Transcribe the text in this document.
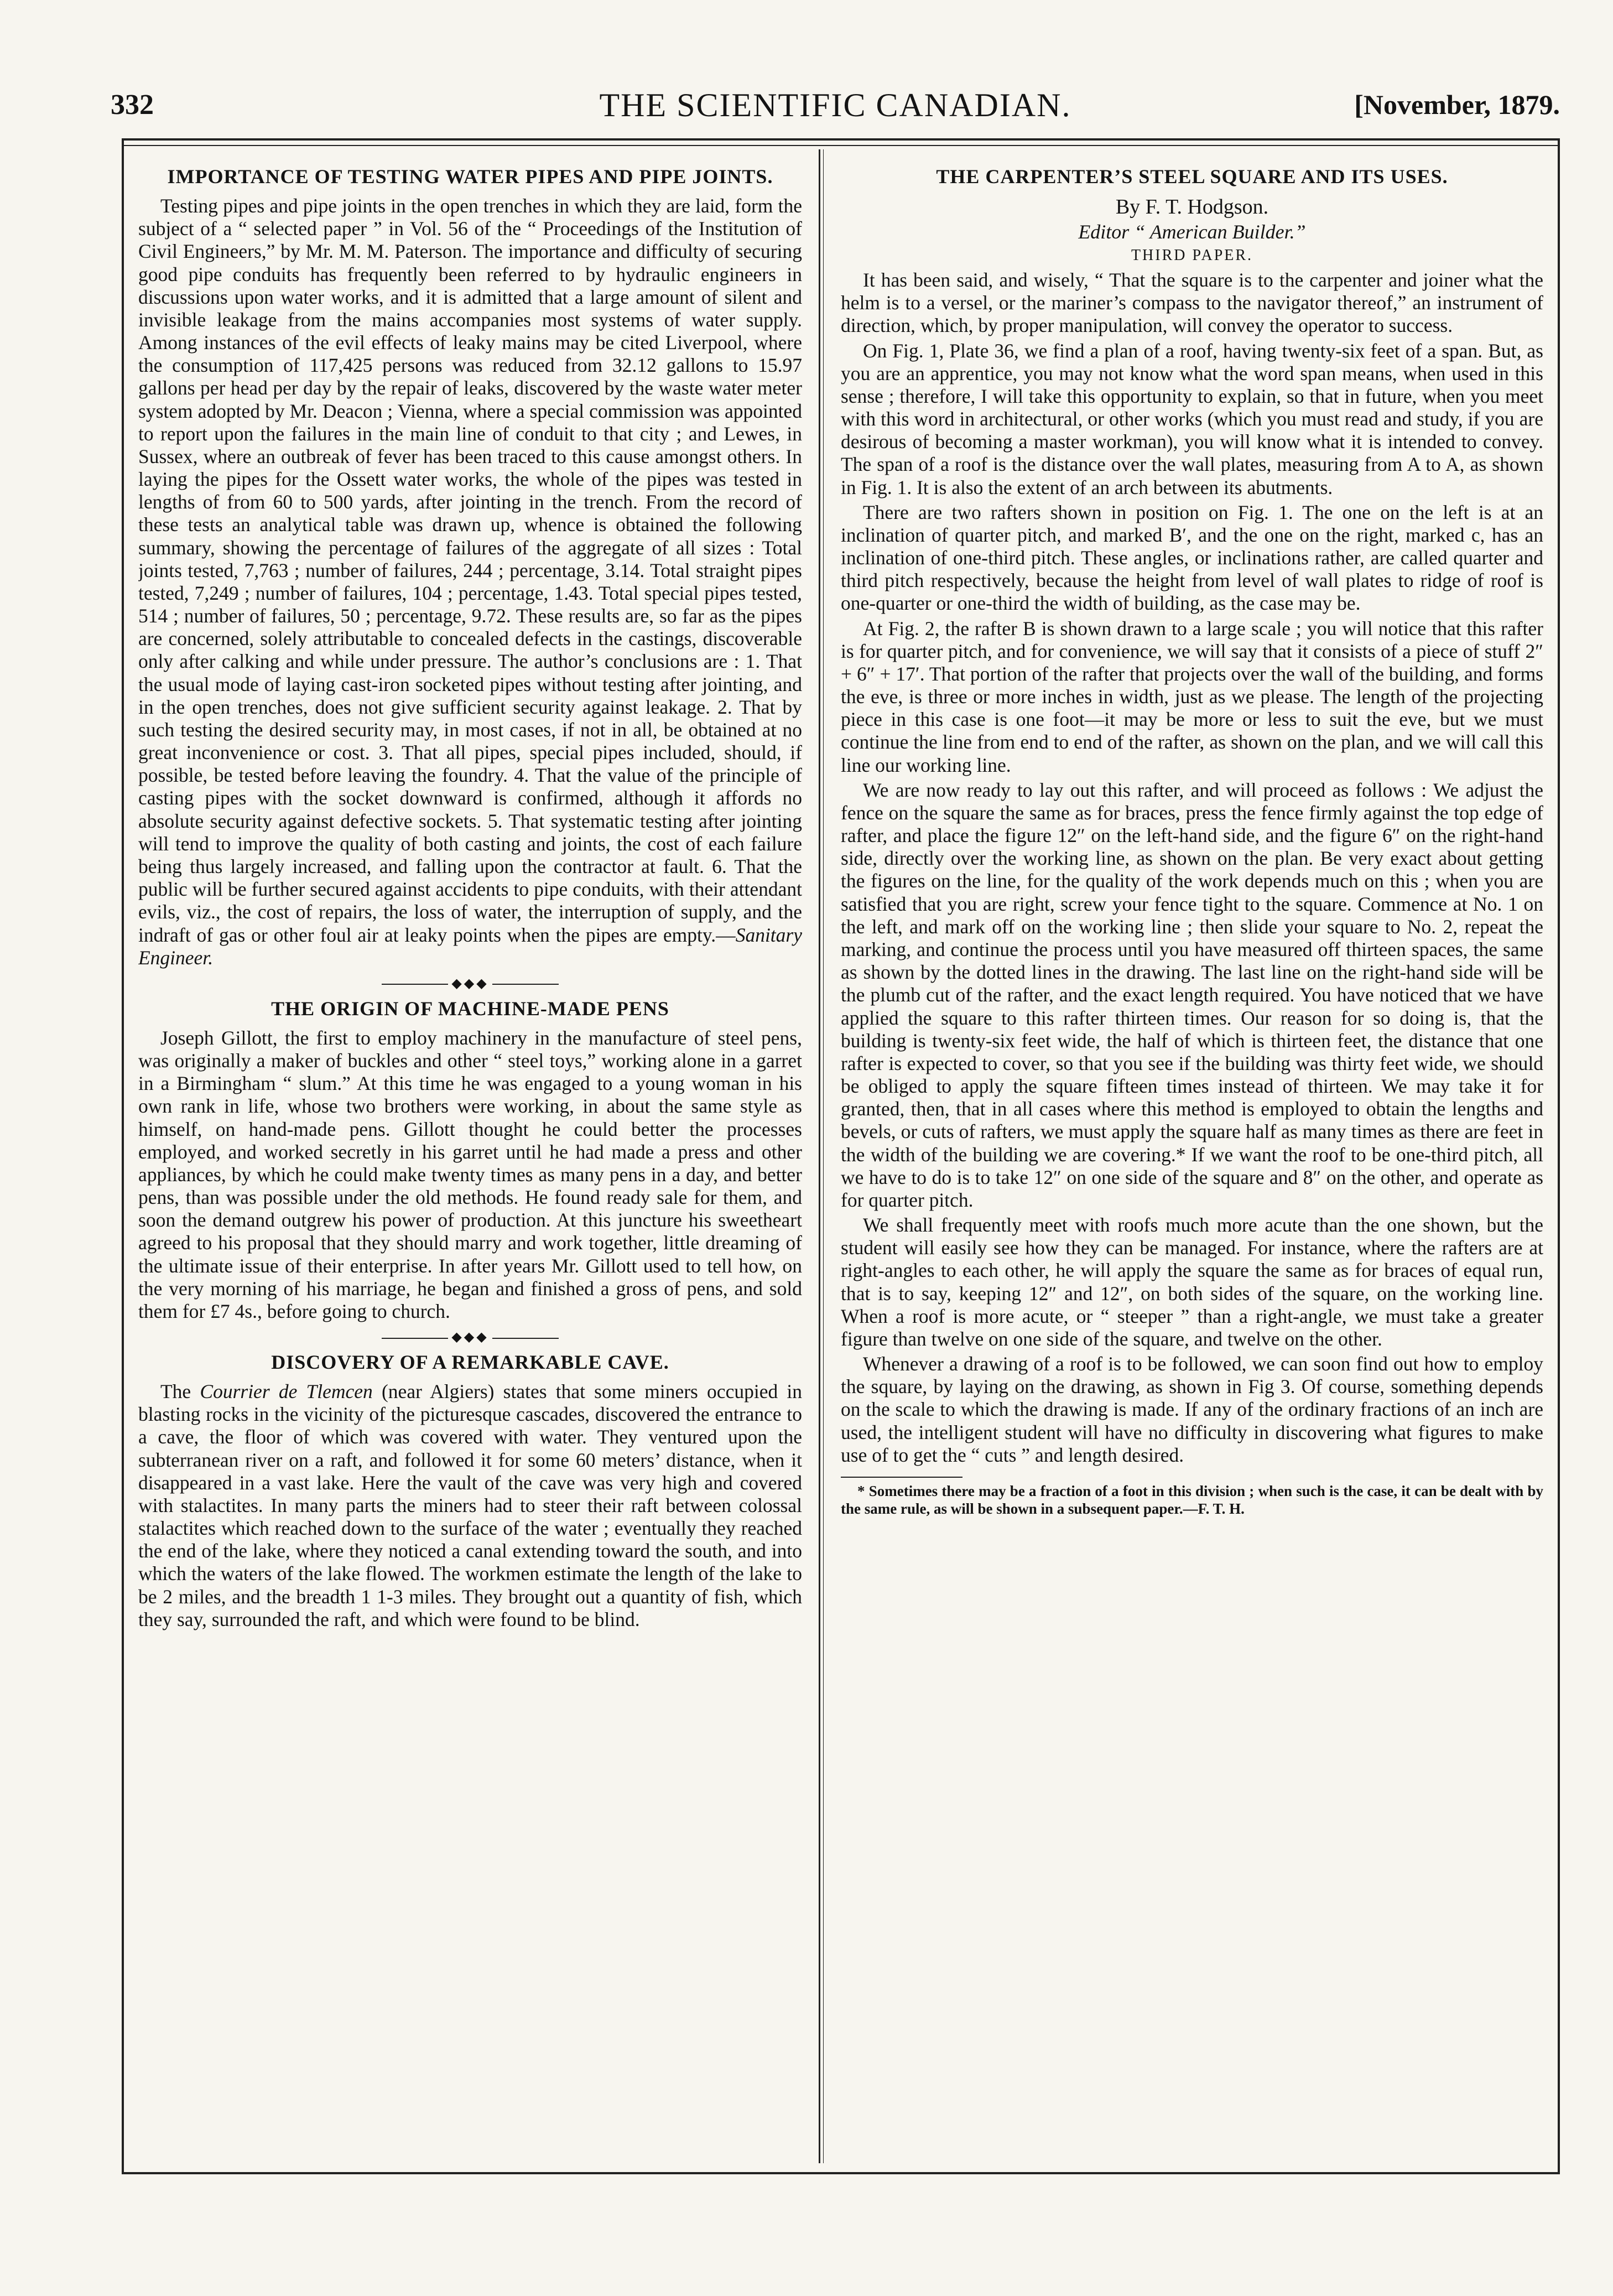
332	THE SCIENTIFIC CANADIAN.	[November, 1879.
IMPORTANCE OF TESTING WATER PIPES AND PIPE JOINTS.

Testing pipes and pipe joints in the open trenches in which they are laid, form the subject of a “ selected paper ” in Vol. 56 of the “ Proceedings of the Institution of Civil Engineers,” by Mr. M. M. Paterson. The importance and difficulty of securing good pipe conduits has frequently been referred to by hydraulic engineers in discussions upon water works, and it is admitted that a large amount of silent and invisible leakage from the mains accompanies most systems of water supply. Among instances of the evil effects of leaky mains may be cited Liverpool, where the consumption of 117,425 persons was reduced from 32.12 gallons to 15.97 gallons per head per day by the repair of leaks, discovered by the waste water meter system adopted by Mr. Deacon ; Vienna, where a special commission was appointed to report upon the failures in the main line of conduit to that city ; and Lewes, in Sussex, where an outbreak of fever has been traced to this cause amongst others. In laying the pipes for the Ossett water works, the whole of the pipes was tested in lengths of from 60 to 500 yards, after jointing in the trench. From the record of these tests an analytical table was drawn up, whence is obtained the following summary, showing the percentage of failures of the aggregate of all sizes : Total joints tested, 7,763 ; number of failures, 244 ; percentage, 3.14. Total straight pipes tested, 7,249 ; number of failures, 104 ; percentage, 1.43. Total special pipes tested, 514 ; number of failures, 50 ; percentage, 9.72. These results are, so far as the pipes are concerned, solely attributable to concealed defects in the castings, discoverable only after calking and while under pressure. The author’s conclusions are : 1. That the usual mode of laying cast-iron socketed pipes without testing after jointing, and in the open trenches, does not give sufficient security against leakage. 2. That by such testing the desired security may, in most cases, if not in all, be obtained at no great inconvenience or cost. 3. That all pipes, special pipes included, should, if possible, be tested before leaving the foundry. 4. That the value of the principle of casting pipes with the socket downward is confirmed, although it affords no absolute security against defective sockets. 5. That systematic testing after jointing will tend to improve the quality of both casting and joints, the cost of each failure being thus largely increased, and falling upon the contractor at fault. 6. That the public will be further secured against accidents to pipe conduits, with their attendant evils, viz., the cost of repairs, the loss of water, the interruption of supply, and the indraft of gas or other foul air at leaky points when the pipes are empty.—Sanitary Engineer.

◆◆◆
THE ORIGIN OF MACHINE-MADE PENS

Joseph Gillott, the first to employ machinery in the manufacture of steel pens, was originally a maker of buckles and other “ steel toys,” working alone in a garret in a Birmingham “ slum.” At this time he was engaged to a young woman in his own rank in life, whose two brothers were working, in about the same style as himself, on hand-made pens. Gillott thought he could better the processes employed, and worked secretly in his garret until he had made a press and other appliances, by which he could make twenty times as many pens in a day, and better pens, than was possible under the old methods. He found ready sale for them, and soon the demand outgrew his power of production. At this juncture his sweetheart agreed to his proposal that they should marry and work together, little dreaming of the ultimate issue of their enterprise. In after years Mr. Gillott used to tell how, on the very morning of his marriage, he began and finished a gross of pens, and sold them for £7 4s., before going to church.

◆◆◆
DISCOVERY OF A REMARKABLE CAVE.

The Courrier de Tlemcen (near Algiers) states that some miners occupied in blasting rocks in the vicinity of the picturesque cascades, discovered the entrance to a cave, the floor of which was covered with water. They ventured upon the subterranean river on a raft, and followed it for some 60 meters’ distance, when it disappeared in a vast lake. Here the vault of the cave was very high and covered with stalactites. In many parts the miners had to steer their raft between colossal stalactites which reached down to the surface of the water ; eventually they reached the end of the lake, where they noticed a canal extending toward the south, and into which the waters of the lake flowed. The workmen estimate the length of the lake to be 2 miles, and the breadth 1 1-3 miles. They brought out a quantity of fish, which they say, surrounded the raft, and which were found to be blind.

THE CARPENTER’S STEEL SQUARE AND ITS USES.
By F. T. Hodgson.
Editor “ American Builder.”
THIRD PAPER.

It has been said, and wisely, “ That the square is to the carpenter and joiner what the helm is to a versel, or the mariner’s compass to the navigator thereof,” an instrument of direction, which, by proper manipulation, will convey the operator to success.

On Fig. 1, Plate 36, we find a plan of a roof, having twenty-six feet of a span. But, as you are an apprentice, you may not know what the word span means, when used in this sense ; therefore, I will take this opportunity to explain, so that in future, when you meet with this word in architectural, or other works (which you must read and study, if you are desirous of becoming a master workman), you will know what it is intended to convey. The span of a roof is the distance over the wall plates, measuring from A to A, as shown in Fig. 1. It is also the extent of an arch between its abutments.

There are two rafters shown in position on Fig. 1. The one on the left is at an inclination of quarter pitch, and marked B′, and the one on the right, marked c, has an inclination of one-third pitch. These angles, or inclinations rather, are called quarter and third pitch respectively, because the height from level of wall plates to ridge of roof is one-quarter or one-third the width of building, as the case may be.

At Fig. 2, the rafter B is shown drawn to a large scale ; you will notice that this rafter is for quarter pitch, and for convenience, we will say that it consists of a piece of stuff 2″ + 6″ + 17′. That portion of the rafter that projects over the wall of the building, and forms the eve, is three or more inches in width, just as we please. The length of the projecting piece in this case is one foot—it may be more or less to suit the eve, but we must continue the line from end to end of the rafter, as shown on the plan, and we will call this line our working line.

We are now ready to lay out this rafter, and will proceed as follows : We adjust the fence on the square the same as for braces, press the fence firmly against the top edge of rafter, and place the figure 12″ on the left-hand side, and the figure 6″ on the right-hand side, directly over the working line, as shown on the plan. Be very exact about getting the figures on the line, for the quality of the work depends much on this ; when you are satisfied that you are right, screw your fence tight to the square. Commence at No. 1 on the left, and mark off on the working line ; then slide your square to No. 2, repeat the marking, and continue the process until you have measured off thirteen spaces, the same as shown by the dotted lines in the drawing. The last line on the right-hand side will be the plumb cut of the rafter, and the exact length required. You have noticed that we have applied the square to this rafter thirteen times. Our reason for so doing is, that the building is twenty-six feet wide, the half of which is thirteen feet, the distance that one rafter is expected to cover, so that you see if the building was thirty feet wide, we should be obliged to apply the square fifteen times instead of thirteen. We may take it for granted, then, that in all cases where this method is employed to obtain the lengths and bevels, or cuts of rafters, we must apply the square half as many times as there are feet in the width of the building we are covering.* If we want the roof to be one-third pitch, all we have to do is to take 12″ on one side of the square and 8″ on the other, and operate as for quarter pitch.

We shall frequently meet with roofs much more acute than the one shown, but the student will easily see how they can be managed. For instance, where the rafters are at right-angles to each other, he will apply the square the same as for braces of equal run, that is to say, keeping 12″ and 12″, on both sides of the square, on the working line. When a roof is more acute, or “ steeper ” than a right-angle, we must take a greater figure than twelve on one side of the square, and twelve on the other.

Whenever a drawing of a roof is to be followed, we can soon find out how to employ the square, by laying on the drawing, as shown in Fig 3. Of course, something depends on the scale to which the drawing is made. If any of the ordinary fractions of an inch are used, the intelligent student will have no difficulty in discovering what figures to make use of to get the “ cuts ” and length desired.

* Sometimes there may be a fraction of a foot in this division ; when such is the case, it can be dealt with by the same rule, as will be shown in a subsequent paper.—F. T. H.
